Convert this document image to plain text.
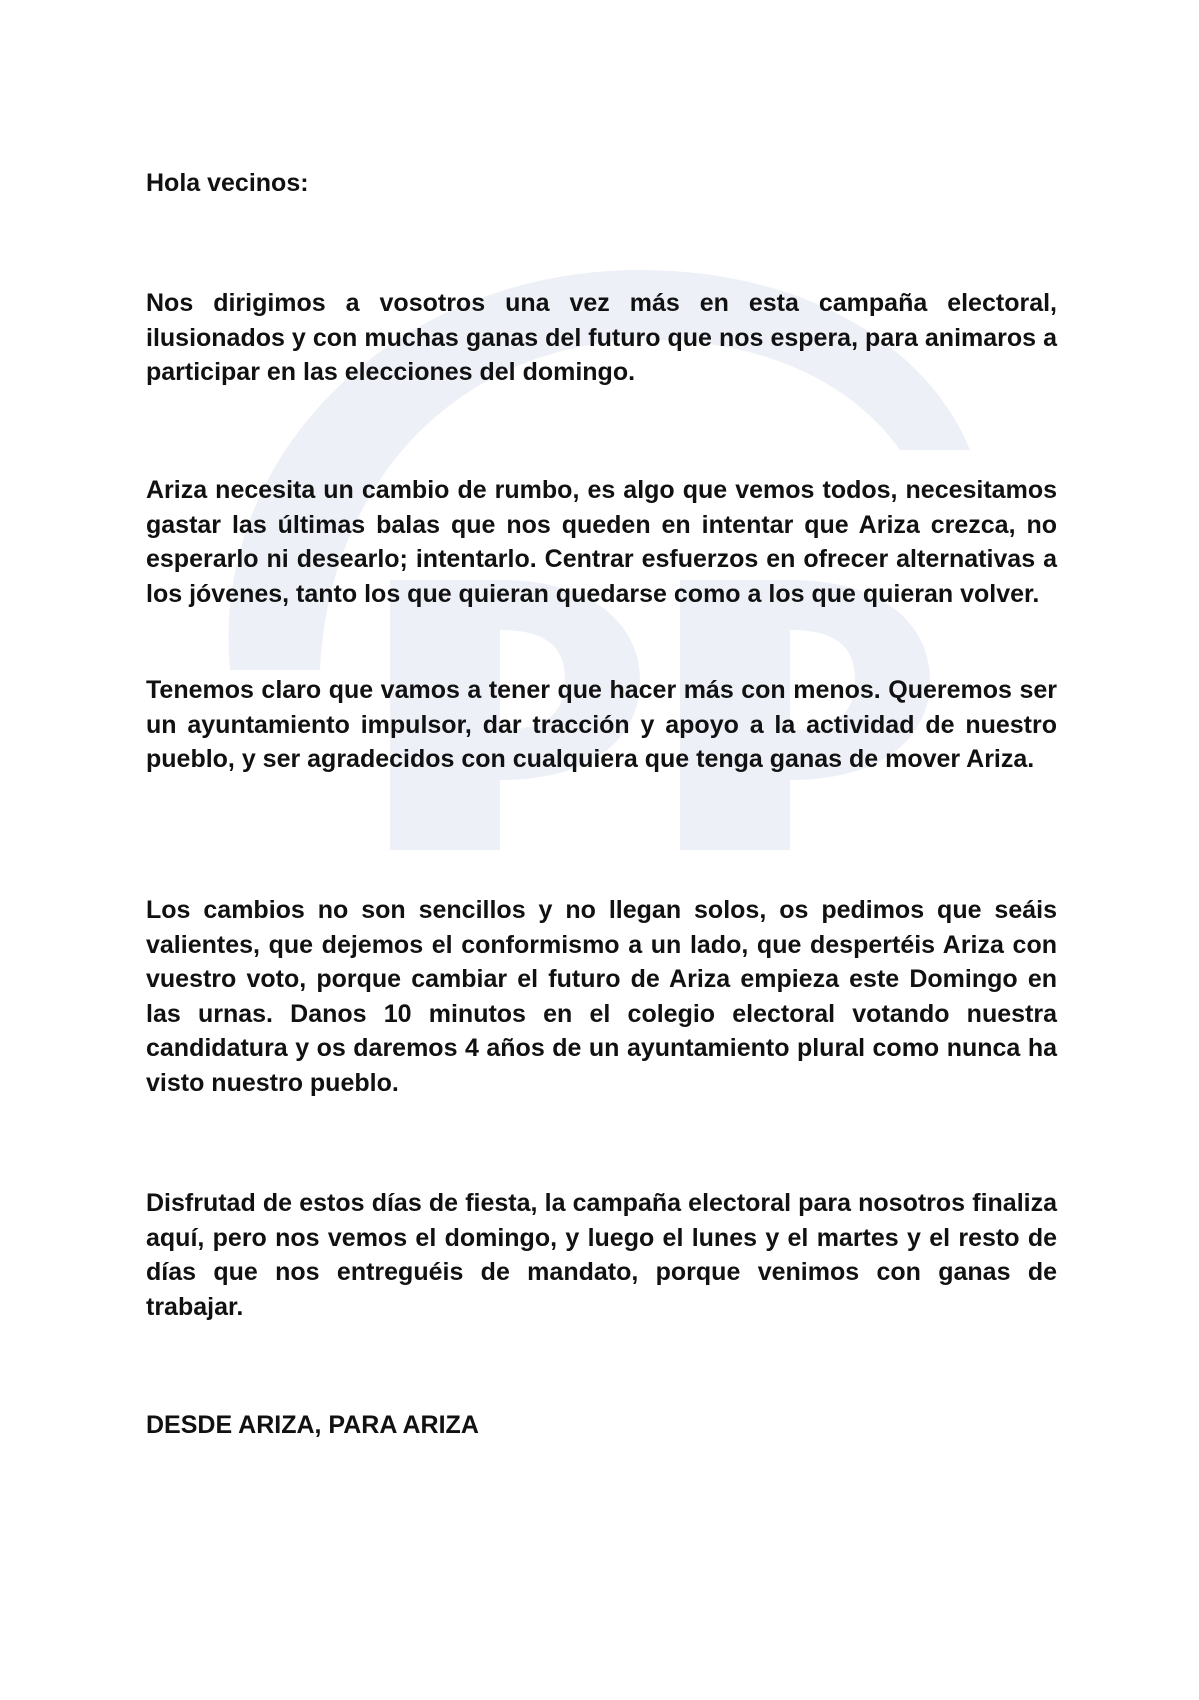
Hola vecinos:

Nos dirigimos a vosotros una vez más en esta campaña electoral, ilusionados y con muchas ganas del futuro que nos espera, para animaros a participar en las elecciones del domingo.

Ariza necesita un cambio de rumbo, es algo que vemos todos, necesitamos gastar las últimas balas que nos queden en intentar que Ariza crezca, no esperarlo ni desearlo; intentarlo. Centrar esfuerzos en ofrecer alternativas a los jóvenes, tanto los que quieran quedarse como a los que quieran volver.

Tenemos claro que vamos a tener que hacer más con menos. Queremos ser un ayuntamiento impulsor, dar tracción y apoyo a la actividad de nuestro pueblo, y ser agradecidos con cualquiera que tenga ganas de mover Ariza.

Los cambios no son sencillos y no llegan solos, os pedimos que seáis valientes, que dejemos el conformismo a un lado, que despertéis Ariza con vuestro voto, porque cambiar el futuro de Ariza empieza este Domingo en las urnas. Danos 10 minutos en el colegio electoral votando nuestra candidatura y os daremos 4 años de un ayuntamiento plural como nunca ha visto nuestro pueblo.

Disfrutad de estos días de fiesta, la campaña electoral para nosotros finaliza aquí, pero nos vemos el domingo, y luego el lunes y el martes y el resto de días que nos entreguéis de mandato, porque venimos con ganas de trabajar.

DESDE ARIZA, PARA ARIZA
